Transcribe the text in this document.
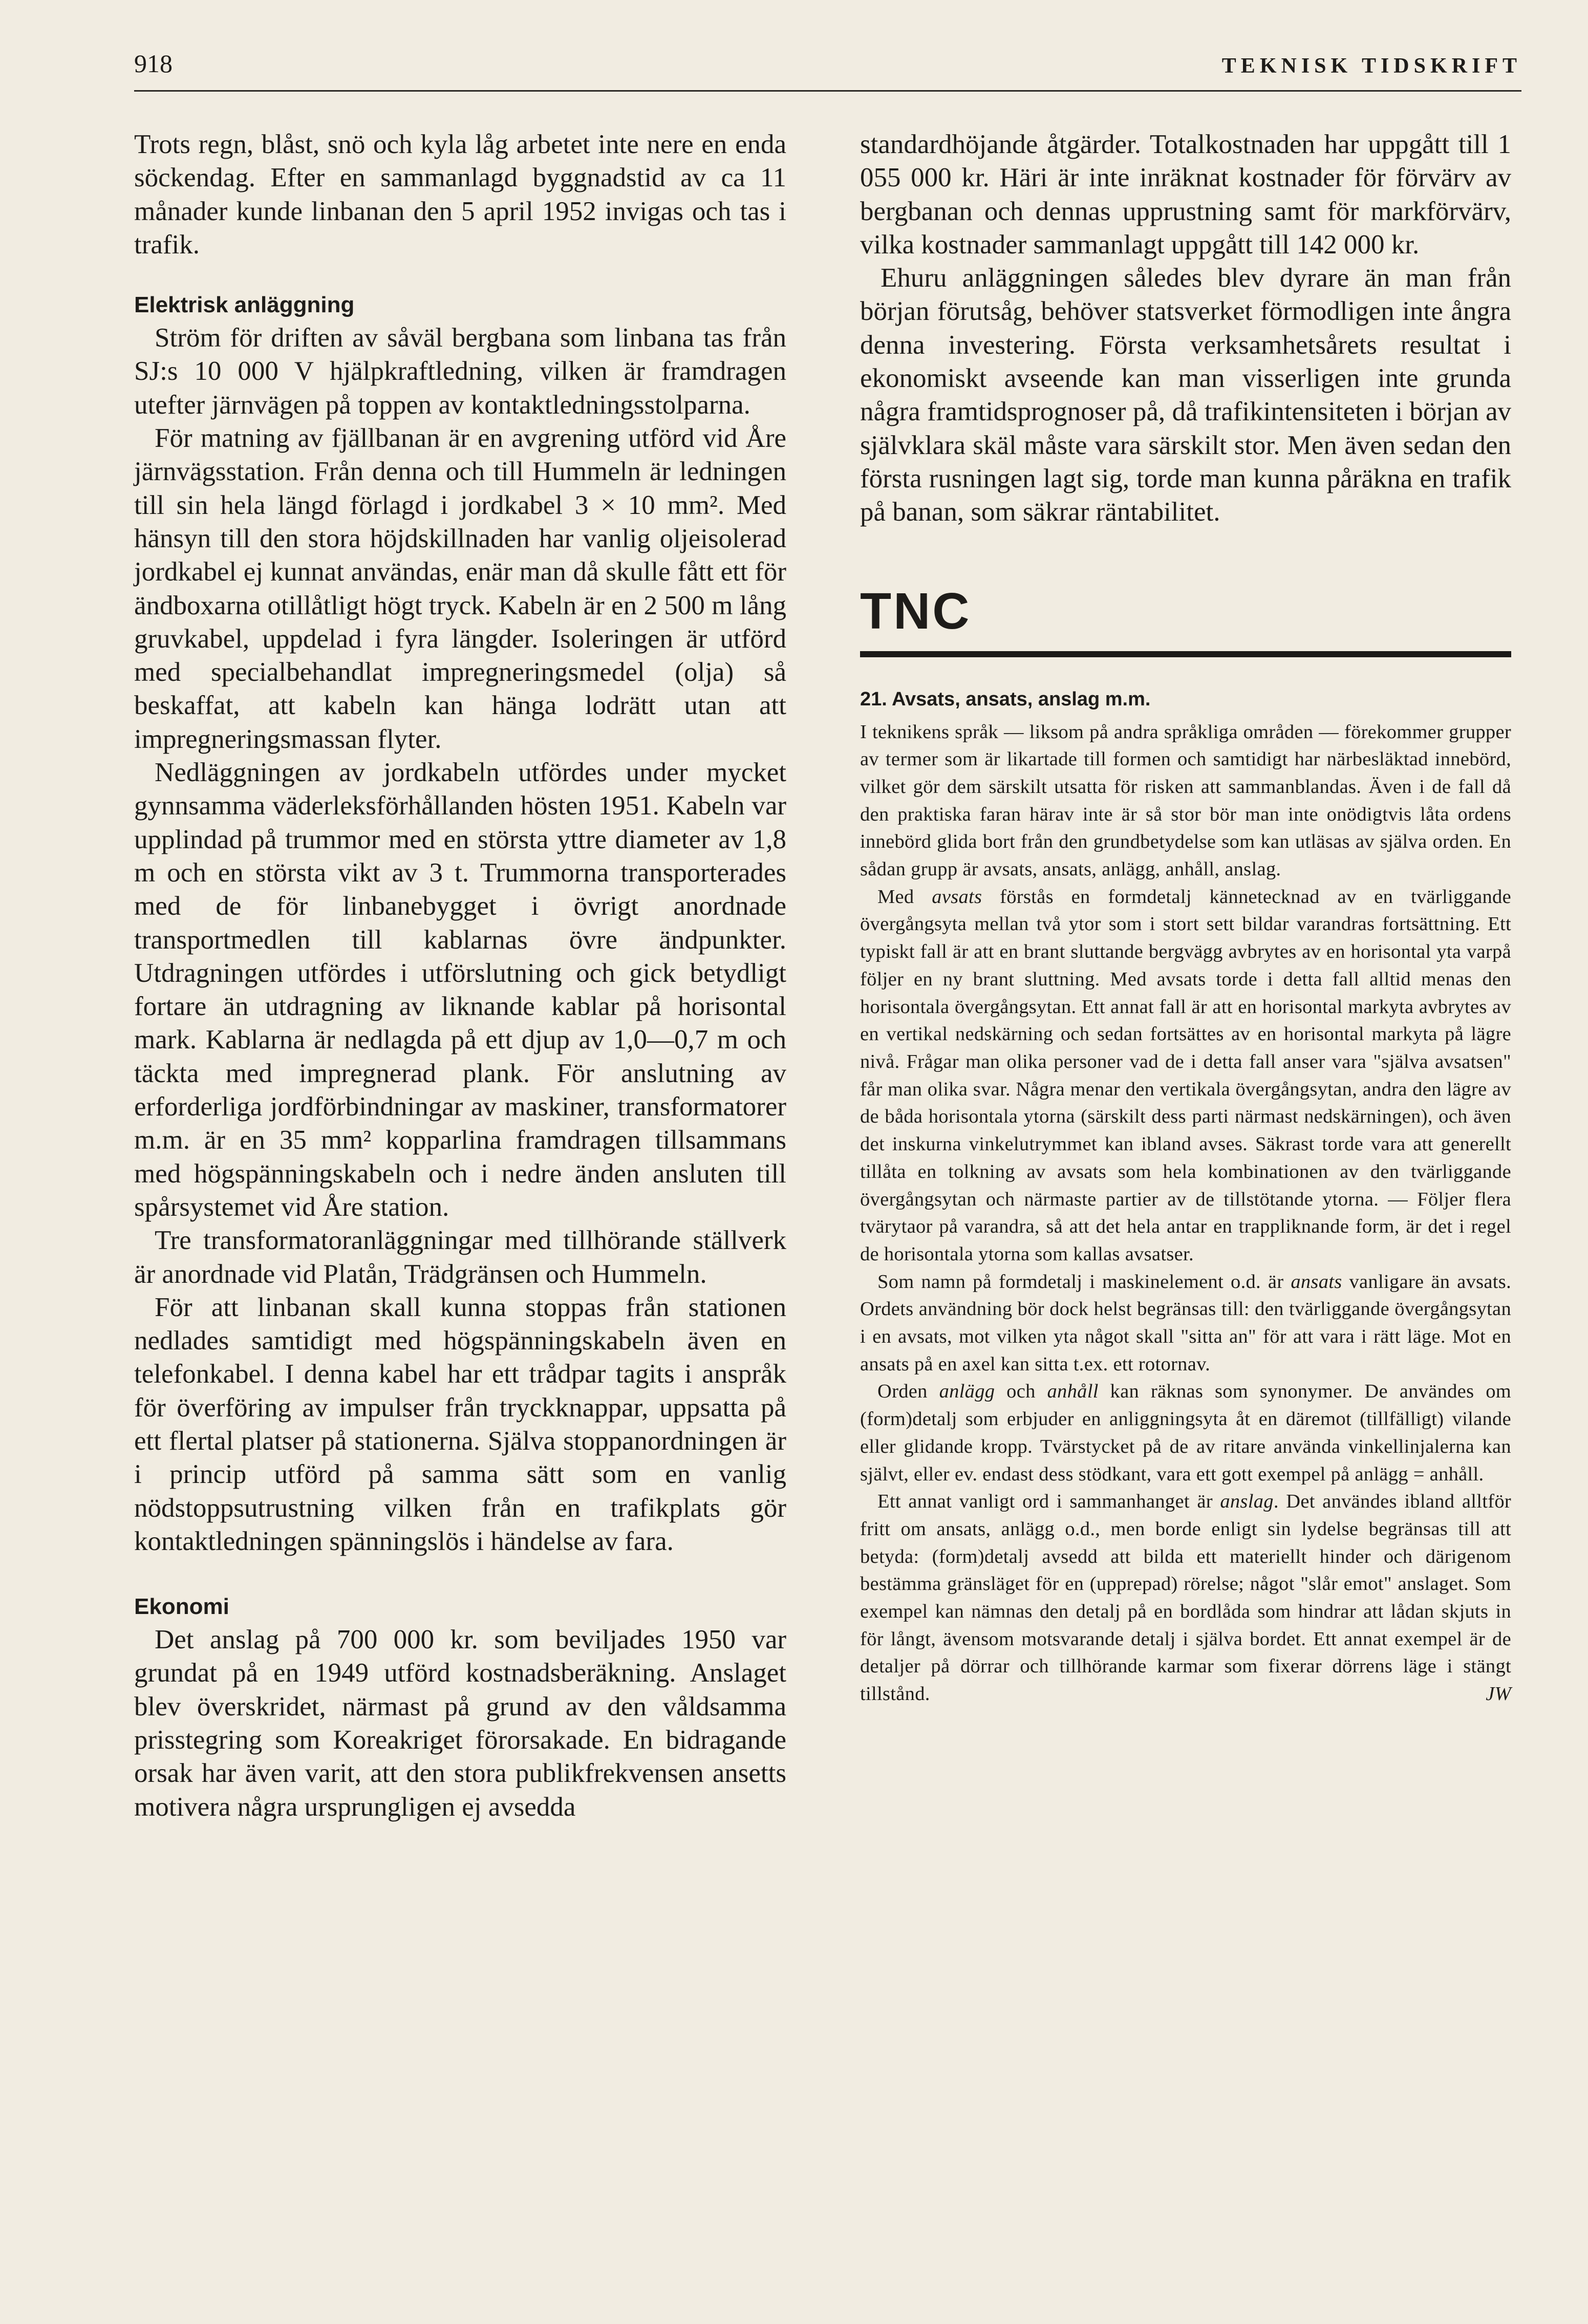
918	TEKNISK TIDSKRIFT

Trots regn, blåst, snö och kyla låg arbetet inte nere en enda söckendag. Efter en sammanlagd byggnadstid av ca 11 månader kunde linbanan den 5 april 1952 invigas och tas i trafik.

Elektrisk anläggning

Ström för driften av såväl bergbana som linbana tas från SJ:s 10 000 V hjälpkraftledning, vilken är framdragen utefter järnvägen på toppen av kontaktledningsstolparna.

För matning av fjällbanan är en avgrening utförd vid Åre järnvägsstation. Från denna och till Hummeln är ledningen till sin hela längd förlagd i jordkabel 3 × 10 mm². Med hänsyn till den stora höjdskillnaden har vanlig oljeisolerad jordkabel ej kunnat användas, enär man då skulle fått ett för ändboxarna otillåtligt högt tryck. Kabeln är en 2 500 m lång gruvkabel, uppdelad i fyra längder. Isoleringen är utförd med specialbehandlat impregneringsmedel (olja) så beskaffat, att kabeln kan hänga lodrätt utan att impregneringsmassan flyter.

Nedläggningen av jordkabeln utfördes under mycket gynnsamma väderleksförhållanden hösten 1951. Kabeln var upplindad på trummor med en största yttre diameter av 1,8 m och en största vikt av 3 t. Trummorna transporterades med de för linbanebygget i övrigt anordnade transportmedlen till kablarnas övre ändpunkter. Utdragningen utfördes i utförslutning och gick betydligt fortare än utdragning av liknande kablar på horisontal mark. Kablarna är nedlagda på ett djup av 1,0—0,7 m och täckta med impregnerad plank. För anslutning av erforderliga jordförbindningar av maskiner, transformatorer m.m. är en 35 mm² kopparlina framdragen tillsammans med högspänningskabeln och i nedre änden ansluten till spårsystemet vid Åre station.

Tre transformatoranläggningar med tillhörande ställverk är anordnade vid Platån, Trädgränsen och Hummeln.

För att linbanan skall kunna stoppas från stationen nedlades samtidigt med högspänningskabeln även en telefonkabel. I denna kabel har ett trådpar tagits i anspråk för överföring av impulser från tryckknappar, uppsatta på ett flertal platser på stationerna. Själva stoppanordningen är i princip utförd på samma sätt som en vanlig nödstoppsutrustning vilken från en trafikplats gör kontaktledningen spänningslös i händelse av fara.

Ekonomi

Det anslag på 700 000 kr. som beviljades 1950 var grundat på en 1949 utförd kostnadsberäkning. Anslaget blev överskridet, närmast på grund av den våldsamma prisstegring som Koreakriget förorsakade. En bidragande orsak har även varit, att den stora publikfrekvensen ansetts motivera några ursprungligen ej avsedda

standardhöjande åtgärder. Totalkostnaden har uppgått till 1 055 000 kr. Häri är inte inräknat kostnader för förvärv av bergbanan och dennas upprustning samt för markförvärv, vilka kostnader sammanlagt uppgått till 142 000 kr.

Ehuru anläggningen således blev dyrare än man från början förutsåg, behöver statsverket förmodligen inte ångra denna investering. Första verksamhetsårets resultat i ekonomiskt avseende kan man visserligen inte grunda några framtidsprognoser på, då trafikintensiteten i början av självklara skäl måste vara särskilt stor. Men även sedan den första rusningen lagt sig, torde man kunna påräkna en trafik på banan, som säkrar räntabilitet.

TNC
21. Avsats, ansats, anslag m.m.

I teknikens språk — liksom på andra språkliga områden — förekommer grupper av termer som är likartade till formen och samtidigt har närbesläktad innebörd, vilket gör dem särskilt utsatta för risken att sammanblandas. Även i de fall då den praktiska faran härav inte är så stor bör man inte onödigtvis låta ordens innebörd glida bort från den grundbetydelse som kan utläsas av själva orden. En sådan grupp är avsats, ansats, anlägg, anhåll, anslag.

Med avsats förstås en formdetalj kännetecknad av en tvärliggande övergångsyta mellan två ytor som i stort sett bildar varandras fortsättning. Ett typiskt fall är att en brant sluttande bergvägg avbrytes av en horisontal yta varpå följer en ny brant sluttning. Med avsats torde i detta fall alltid menas den horisontala övergångsytan. Ett annat fall är att en horisontal markyta avbrytes av en vertikal nedskärning och sedan fortsättes av en horisontal markyta på lägre nivå. Frågar man olika personer vad de i detta fall anser vara "själva avsatsen" får man olika svar. Några menar den vertikala övergångsytan, andra den lägre av de båda horisontala ytorna (särskilt dess parti närmast nedskärningen), och även det inskurna vinkelutrymmet kan ibland avses. Säkrast torde vara att generellt tillåta en tolkning av avsats som hela kombinationen av den tvärliggande övergångsytan och närmaste partier av de tillstötande ytorna. — Följer flera tvärytaor på varandra, så att det hela antar en trappliknande form, är det i regel de horisontala ytorna som kallas avsatser.

Som namn på formdetalj i maskinelement o.d. är ansats vanligare än avsats. Ordets användning bör dock helst begränsas till: den tvärliggande övergångsytan i en avsats, mot vilken yta något skall "sitta an" för att vara i rätt läge. Mot en ansats på en axel kan sitta t.ex. ett rotornav.

Orden anlägg och anhåll kan räknas som synonymer. De användes om (form)detalj som erbjuder en anliggningsyta åt en däremot (tillfälligt) vilande eller glidande kropp. Tvärstycket på de av ritare använda vinkellinjalerna kan självt, eller ev. endast dess stödkant, vara ett gott exempel på anlägg = anhåll.

Ett annat vanligt ord i sammanhanget är anslag. Det användes ibland alltför fritt om ansats, anlägg o.d., men borde enligt sin lydelse begränsas till att betyda: (form)detalj avsedd att bilda ett materiellt hinder och därigenom bestämma gränsläget för en (upprepad) rörelse; något "slår emot" anslaget. Som exempel kan nämnas den detalj på en bordlåda som hindrar att lådan skjuts in för långt, ävensom motsvarande detalj i själva bordet. Ett annat exempel är de detaljer på dörrar och tillhörande karmar som fixerar dörrens läge i stängt tillstånd.	JW
